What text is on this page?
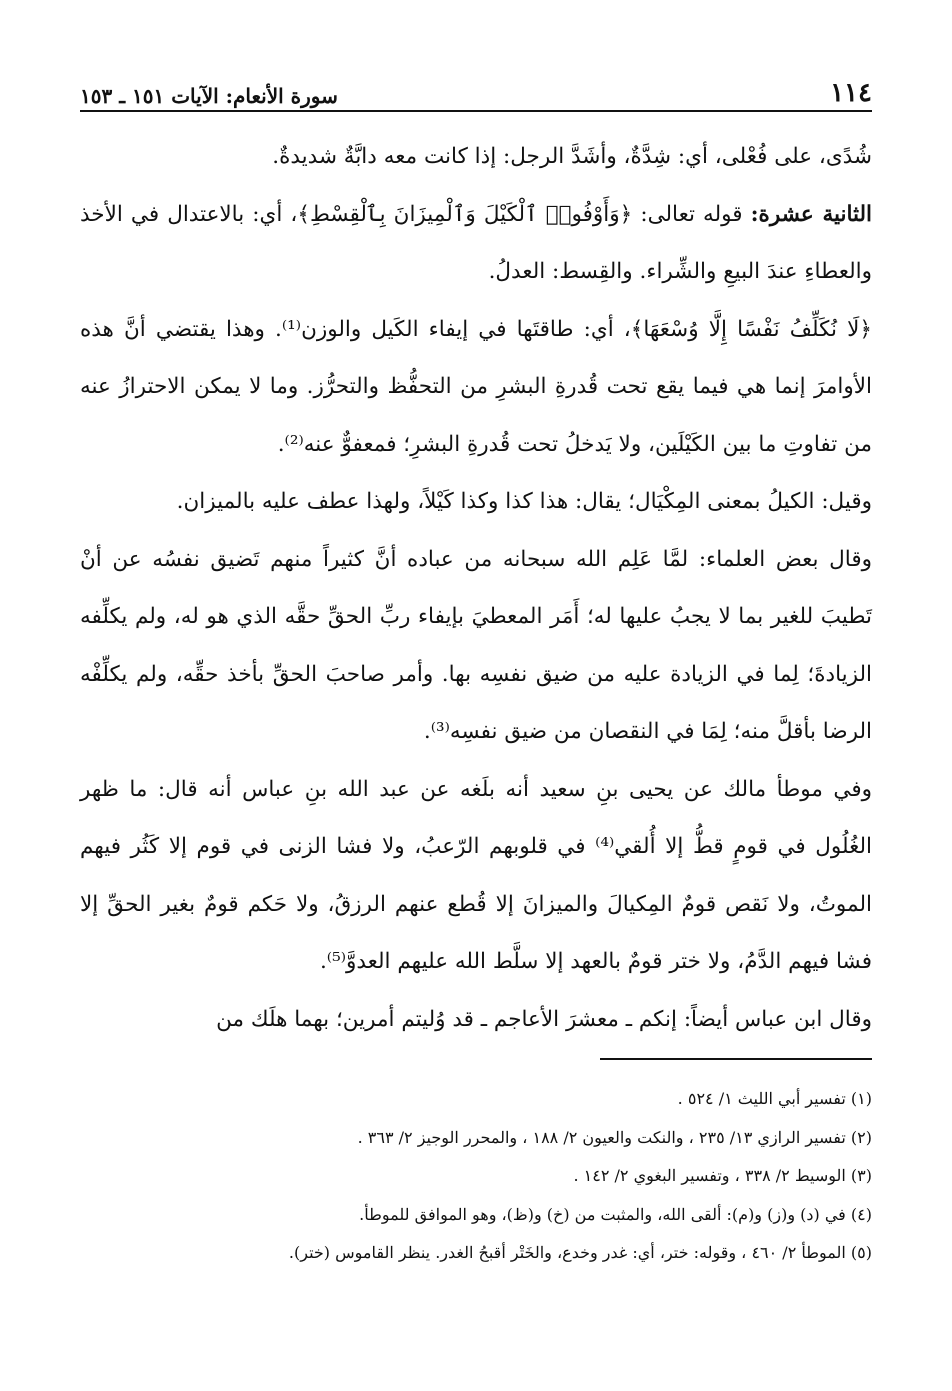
١١٤
سورة الأنعام: الآيات ١٥١ ـ ١٥٣

شُدًى، على فُعْلى، أي: شِدَّةٌ، وأشَدَّ الرجل: إذا كانت معه دابَّةٌ شديدةٌ.

الثانية عشرة: قوله تعالى: ﴿وَأَوْفُوا۟ ٱلْكَيْلَ وَٱلْمِيزَانَ بِٱلْقِسْطِ﴾، أي: بالاعتدال في الأخذ والعطاءِ عندَ البيعِ والشِّراء. والقِسط: العدلُ.

﴿لَا نُكَلِّفُ نَفْسًا إِلَّا وُسْعَهَا﴾، أي: طاقتَها في إيفاء الكَيل والوزن⁽¹⁾. وهذا يقتضي أنَّ هذه الأوامرَ إنما هي فيما يقع تحت قُدرةِ البشرِ من التحفُّظ والتحرُّز. وما لا يمكن الاحترازُ عنه من تفاوتِ ما بين الكَيْلَين، ولا يَدخلُ تحت قُدرةِ البشرِ؛ فمعفوٌّ عنه⁽²⁾.

وقيل: الكيلُ بمعنى المِكْيَال؛ يقال: هذا كذا وكذا كَيْلاً، ولهذا عطف عليه بالميزان.

وقال بعض العلماء: لمَّا عَلِم الله سبحانه من عباده أنَّ كثيراً منهم تَضيق نفسُه عن أنْ تَطيبَ للغير بما لا يجبُ عليها له؛ أَمَر المعطيَ بإيفاء ربِّ الحقِّ حقَّه الذي هو له، ولم يكلِّفه الزيادةَ؛ لِما في الزيادة عليه من ضيق نفسِه بها. وأمر صاحبَ الحقِّ بأخذ حقِّه، ولم يكلِّفْه الرضا بأقلَّ منه؛ لِمَا في النقصان من ضيق نفسِه⁽³⁾.

وفي موطأ مالك عن يحيى بنِ سعيد أنه بلَغه عن عبد الله بنِ عباس أنه قال: ما ظهر الغُلُول في قومٍ قطُّ إلا أُلقي⁽⁴⁾ في قلوبهم الرّعبُ، ولا فشا الزنى في قوم إلا كَثُر فيهم الموتُ، ولا نَقص قومٌ المِكيالَ والميزانَ إلا قُطع عنهم الرزقُ، ولا حَكم قومٌ بغير الحقِّ إلا فشا فيهم الدَّمُ، ولا ختر قومٌ بالعهد إلا سلَّط الله عليهم العدوَّ⁽⁵⁾.

وقال ابن عباس أيضاً: إنكم ـ معشرَ الأعاجم ـ قد وُليتم أمرين؛ بهما هلَك من

(١) تفسير أبي الليث ١/ ٥٢٤ .

(٢) تفسير الرازي ١٣/ ٢٣٥ ، والنكت والعيون ٢/ ١٨٨ ، والمحرر الوجيز ٢/ ٣٦٣ .

(٣) الوسيط ٢/ ٣٣٨ ، وتفسير البغوي ٢/ ١٤٢ .

(٤) في (د) و(ز) و(م): ألقى الله، والمثبت من (خ) و(ظ)، وهو الموافق للموطأ.

(٥) الموطأ ٢/ ٤٦٠ ، وقوله: ختر، أي: غدر وخدع، والخَتْر أقبحُ الغدر. ينظر القاموس (ختر).
